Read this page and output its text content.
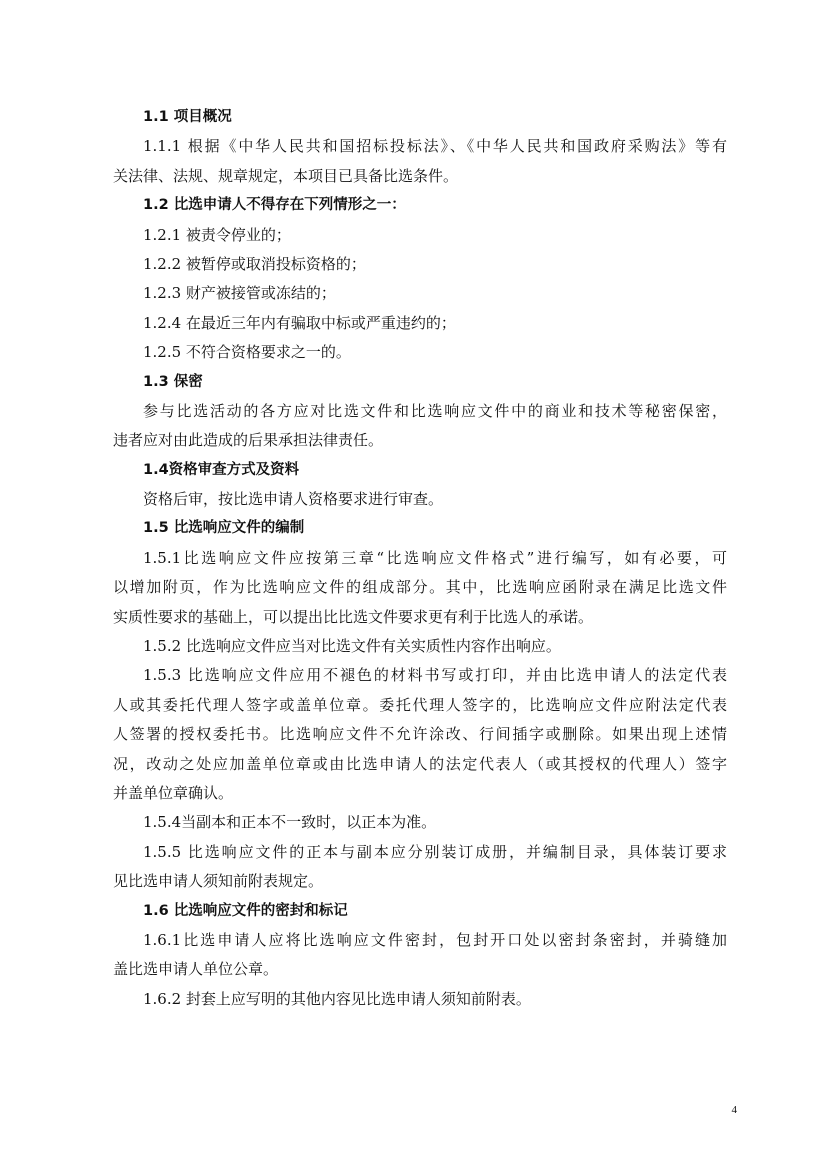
1.1 项目概况
1.1.1 根据《中华人民共和国招标投标法》、《中华人民共和国政府采购法》等有
关法律、法规、规章规定，本项目已具备比选条件。
1.2 比选申请人不得存在下列情形之一：
1.2.1 被责令停业的；
1.2.2 被暂停或取消投标资格的；
1.2.3 财产被接管或冻结的；
1.2.4 在最近三年内有骗取中标或严重违约的；
1.2.5 不符合资格要求之一的。
1.3 保密
参与比选活动的各方应对比选文件和比选响应文件中的商业和技术等秘密保密，
违者应对由此造成的后果承担法律责任。
1.4资格审查方式及资料
资格后审，按比选申请人资格要求进行审查。
1.5 比选响应文件的编制
1.5.1比选响应文件应按第三章“比选响应文件格式”进行编写，如有必要，可
以增加附页，作为比选响应文件的组成部分。其中，比选响应函附录在满足比选文件
实质性要求的基础上，可以提出比比选文件要求更有利于比选人的承诺。
1.5.2 比选响应文件应当对比选文件有关实质性内容作出响应。
1.5.3 比选响应文件应用不褪色的材料书写或打印，并由比选申请人的法定代表
人或其委托代理人签字或盖单位章。委托代理人签字的，比选响应文件应附法定代表
人签署的授权委托书。比选响应文件不允许涂改、行间插字或删除。如果出现上述情
况，改动之处应加盖单位章或由比选申请人的法定代表人（或其授权的代理人）签字
并盖单位章确认。
1.5.4当副本和正本不一致时，以正本为准。
1.5.5 比选响应文件的正本与副本应分别装订成册，并编制目录，具体装订要求
见比选申请人须知前附表规定。
1.6 比选响应文件的密封和标记
1.6.1比选申请人应将比选响应文件密封，包封开口处以密封条密封，并骑缝加
盖比选申请人单位公章。
1.6.2 封套上应写明的其他内容见比选申请人须知前附表。
4
